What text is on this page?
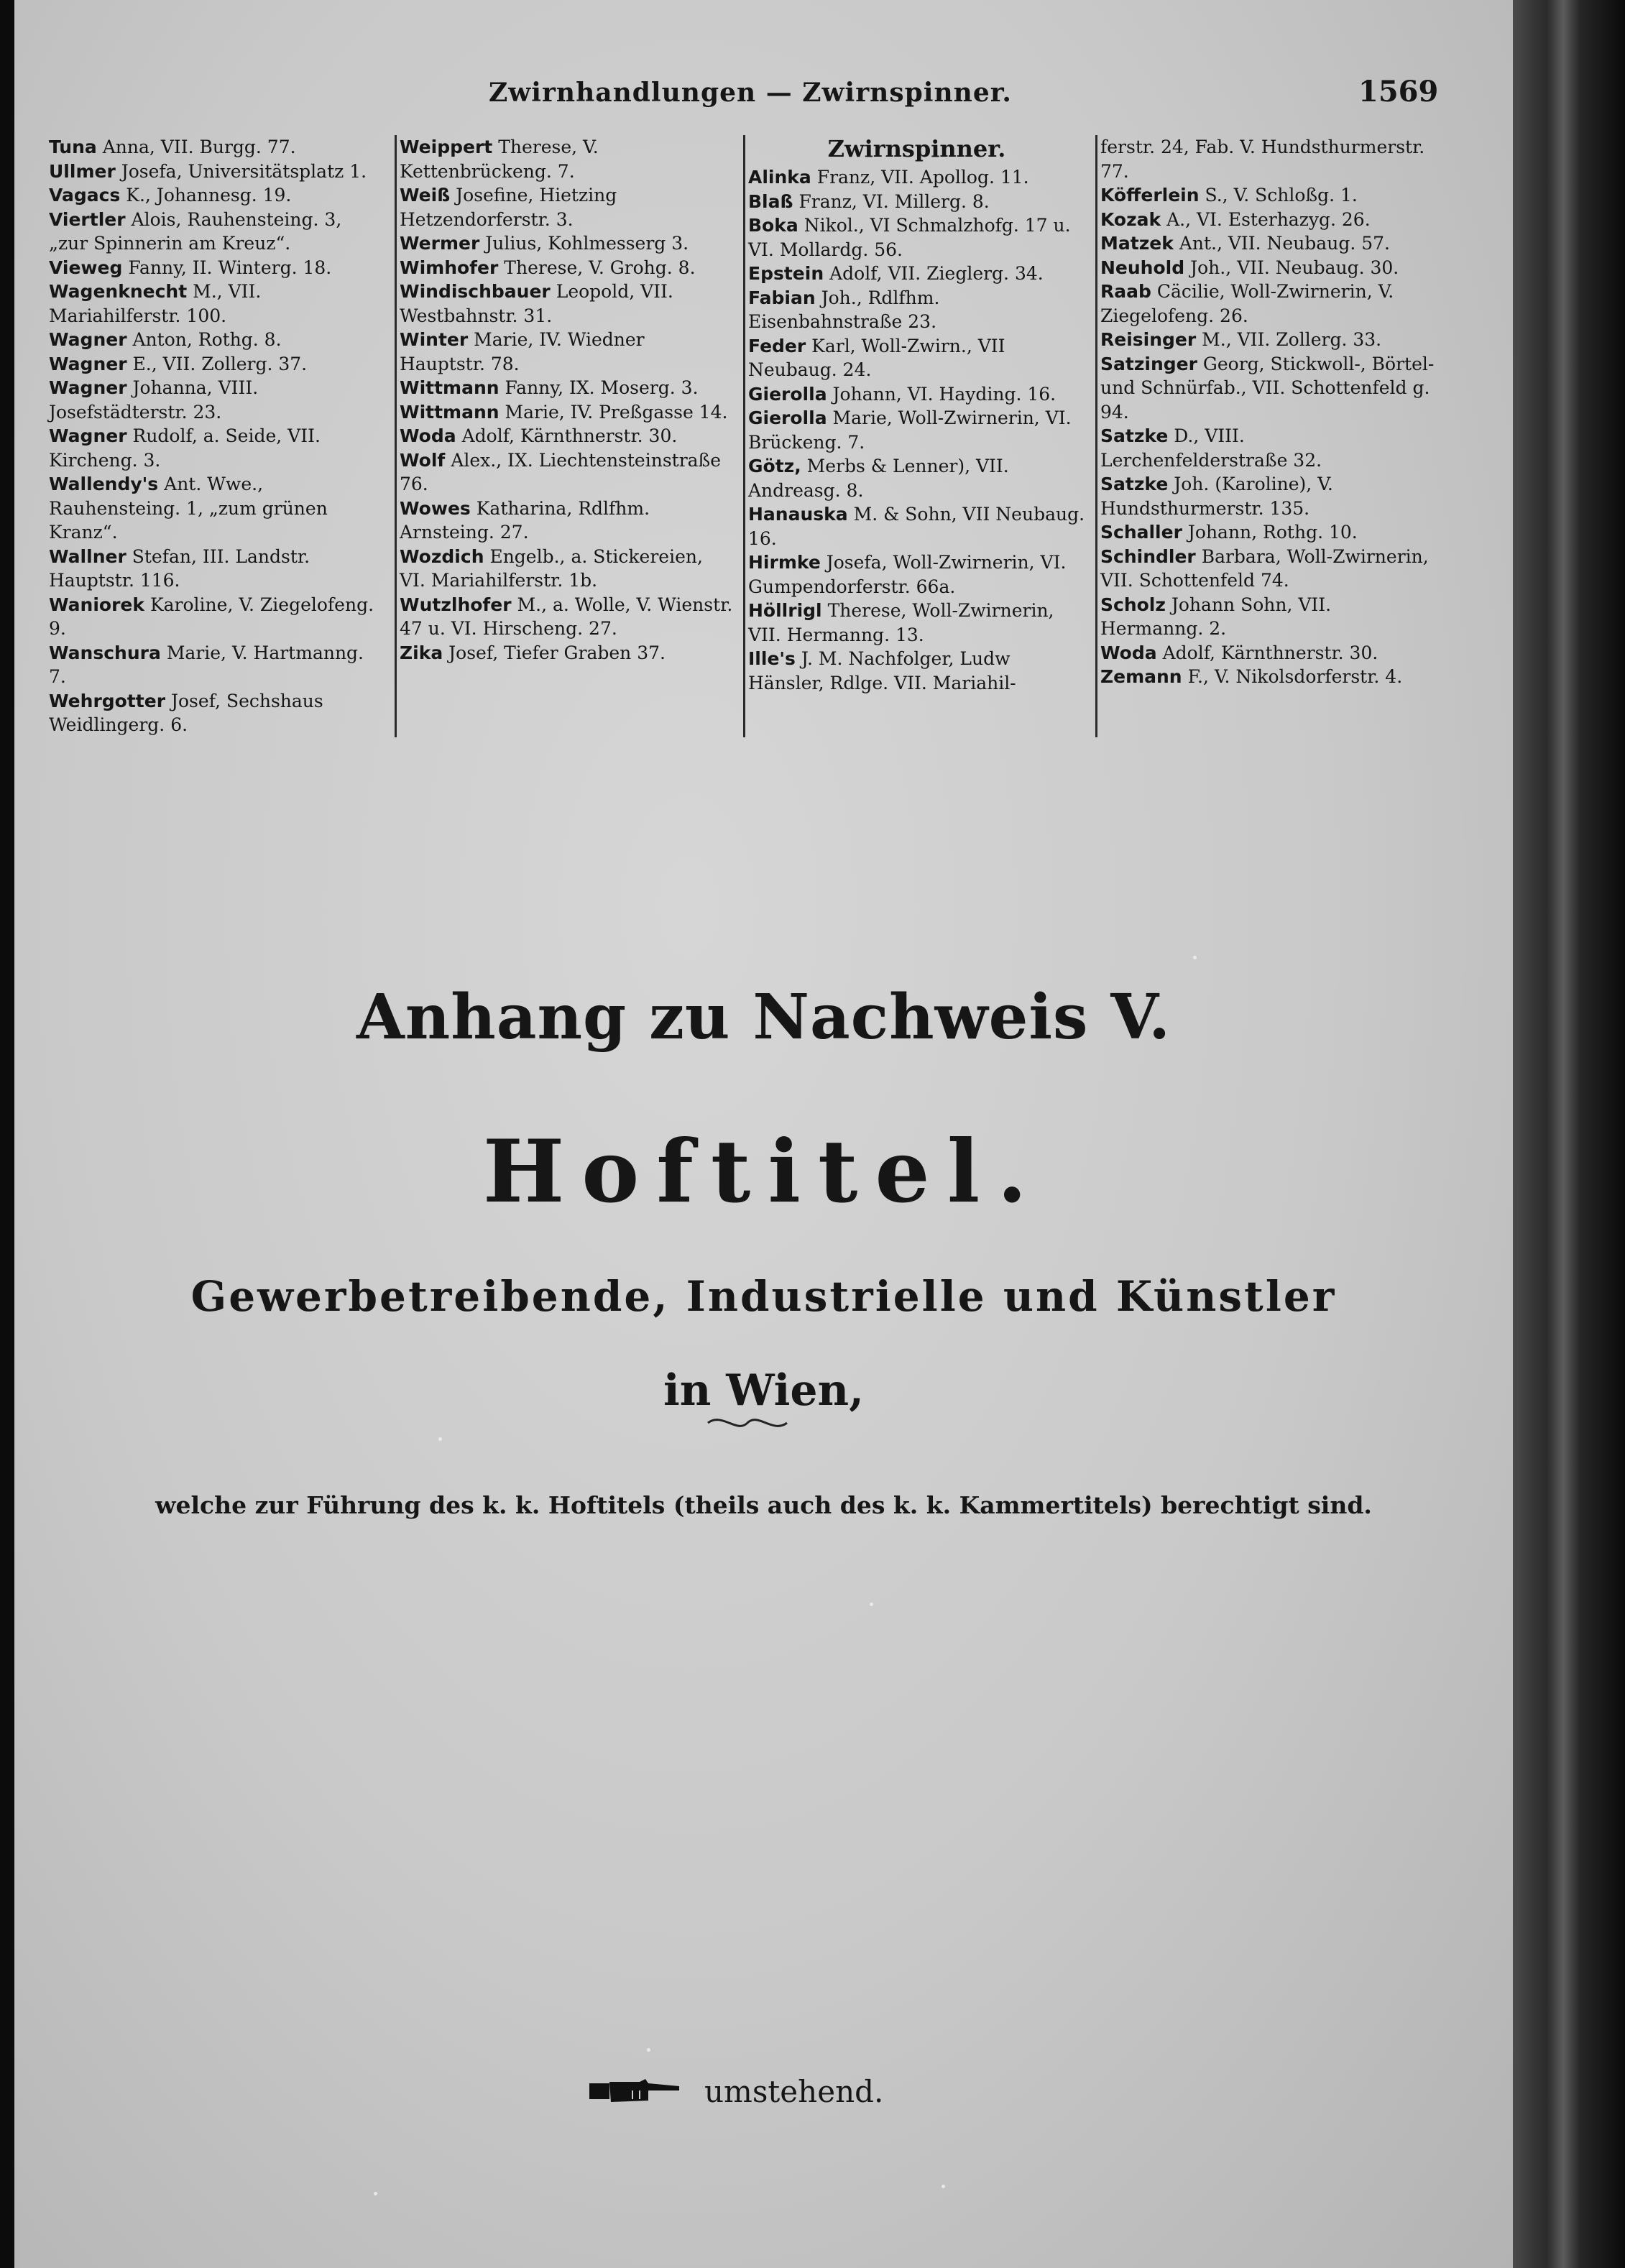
Zwirnhandlungen — Zwirnspinner.	1569

Tuna Anna, VII. Burgg. 77.

Ullmer Josefa, Universitätsplatz 1.

Vagacs K., Johannesg. 19.

Viertler Alois, Rauhensteing. 3, „zur Spinnerin am Kreuz“.

Vieweg Fanny, II. Winterg. 18.

Wagenknecht M., VII. Mariahilferstr. 100.

Wagner Anton, Rothg. 8.

Wagner E., VII. Zollerg. 37.

Wagner Johanna, VIII. Josefstädterstr. 23.

Wagner Rudolf, a. Seide, VII. Kircheng. 3.

Wallendy's Ant. Wwe., Rauhensteing. 1, „zum grünen Kranz“.

Wallner Stefan, III. Landstr. Hauptstr. 116.

Waniorek Karoline, V. Ziegelofeng. 9.

Wanschura Marie, V. Hartmanng. 7.

Wehrgotter Josef, Sechshaus Weidlingerg. 6.

Weippert Therese, V. Kettenbrückeng. 7.

Weiß Josefine, Hietzing Hetzendorferstr. 3.

Wermer Julius, Kohlmesserg 3.

Wimhofer Therese, V. Grohg. 8.

Windischbauer Leopold, VII. Westbahnstr. 31.

Winter Marie, IV. Wiedner Hauptstr. 78.

Wittmann Fanny, IX. Moserg. 3.

Wittmann Marie, IV. Preßgasse 14.

Woda Adolf, Kärnthnerstr. 30.

Wolf Alex., IX. Liechtensteinstraße 76.

Wowes Katharina, Rdlfhm. Arnsteing. 27.

Wozdich Engelb., a. Stickereien, VI. Mariahilferstr. 1b.

Wutzlhofer M., a. Wolle, V. Wienstr. 47 u. VI. Hirscheng. 27.

Zika Josef, Tiefer Graben 37.

Zwirnspinner.

Alinka Franz, VII. Apollog. 11.

Blaß Franz, VI. Millerg. 8.

Boka Nikol., VI Schmalzhofg. 17 u. VI. Mollardg. 56.

Epstein Adolf, VII. Zieglerg. 34.

Fabian Joh., Rdlfhm. Eisenbahnstraße 23.

Feder Karl, Woll-Zwirn., VII Neubaug. 24.

Gierolla Johann, VI. Hayding. 16.

Gierolla Marie, Woll-Zwirnerin, VI. Brückeng. 7.

Götz, Merbs & Lenner), VII. Andreasg. 8.

Hanauska M. & Sohn, VII Neubaug. 16.

Hirmke Josefa, Woll-Zwirnerin, VI. Gumpendorferstr. 66a.

Höllrigl Therese, Woll-Zwirnerin, VII. Hermanng. 13.

Ille's J. M. Nachfolger, Ludw Hänsler, Rdlge. VII. Mariahil-

ferstr. 24, Fab. V. Hundsthurmerstr. 77.

Köfferlein S., V. Schloßg. 1.

Kozak A., VI. Esterhazyg. 26.

Matzek Ant., VII. Neubaug. 57.

Neuhold Joh., VII. Neubaug. 30.

Raab Cäcilie, Woll-Zwirnerin, V. Ziegelofeng. 26.

Reisinger M., VII. Zollerg. 33.

Satzinger Georg, Stickwoll-, Börtel- und Schnürfab., VII. Schottenfeld g. 94.

Satzke D., VIII. Lerchenfelderstraße 32.

Satzke Joh. (Karoline), V. Hundsthurmerstr. 135.

Schaller Johann, Rothg. 10.

Schindler Barbara, Woll-Zwirnerin, VII. Schottenfeld 74.

Scholz Johann Sohn, VII. Hermanng. 2.

Woda Adolf, Kärnthnerstr. 30.

Zemann F., V. Nikolsdorferstr. 4.

Anhang zu Nachweis V.
Hoftitel.
Gewerbetreibende, Industrielle und Künstler
in Wien,
welche zur Führung des k. k. Hoftitels (theils auch des k. k. Kammertitels) berechtigt sind.
umstehend.
